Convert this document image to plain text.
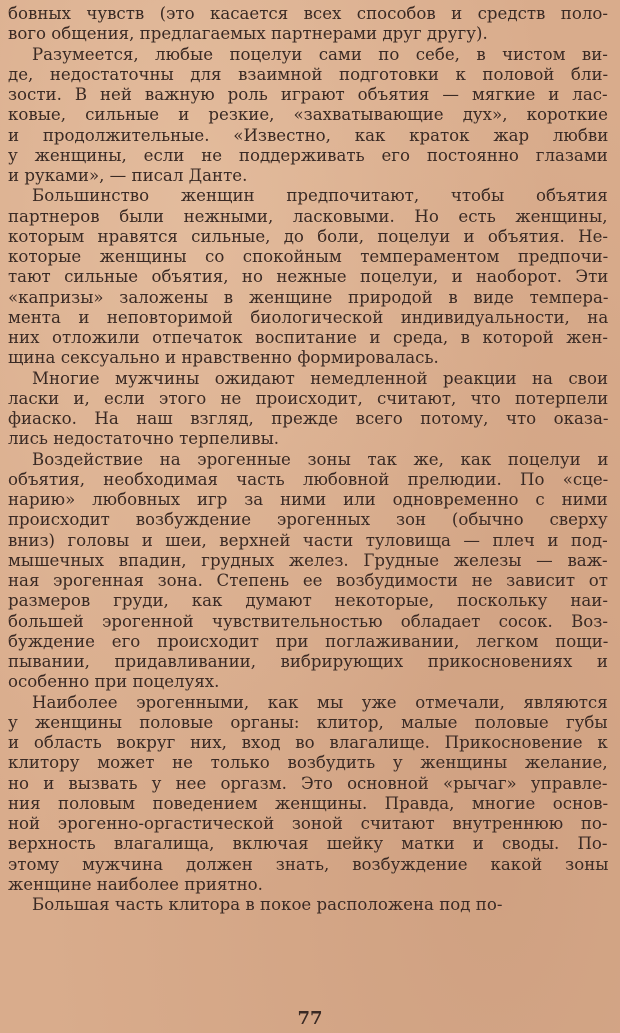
бовных чувств (это касается всех способов и средств поло-
вого общения, предлагаемых партнерами друг другу).
Разумеется, любые поцелуи сами по себе, в чистом ви-
де, недостаточны для взаимной подготовки к половой бли-
зости. В ней важную роль играют объятия — мягкие и лас-
ковые, сильные и резкие, «захватывающие дух», короткие
и продолжительные. «Известно, как краток жар любви
у женщины, если не поддерживать его постоянно глазами
и руками», — писал Данте.
Большинство женщин предпочитают, чтобы объятия
партнеров были нежными, ласковыми. Но есть женщины,
которым нравятся сильные, до боли, поцелуи и объятия. Не-
которые женщины со спокойным темпераментом предпочи-
тают сильные объятия, но нежные поцелуи, и наоборот. Эти
«капризы» заложены в женщине природой в виде темпера-
мента и неповторимой биологической индивидуальности, на
них отложили отпечаток воспитание и среда, в которой жен-
щина сексуально и нравственно формировалась.
Многие мужчины ожидают немедленной реакции на свои
ласки и, если этого не происходит, считают, что потерпели
фиаско. На наш взгляд, прежде всего потому, что оказа-
лись недостаточно терпеливы.
Воздействие на эрогенные зоны так же, как поцелуи и
объятия, необходимая часть любовной прелюдии. По «сце-
нарию» любовных игр за ними или одновременно с ними
происходит возбуждение эрогенных зон (обычно сверху
вниз) головы и шеи, верхней части туловища — плеч и под-
мышечных впадин, грудных желез. Грудные железы — важ-
ная эрогенная зона. Степень ее возбудимости не зависит от
размеров груди, как думают некоторые, поскольку наи-
большей эрогенной чувствительностью обладает сосок. Воз-
буждение его происходит при поглаживании, легком пощи-
пывании, придавливании, вибрирующих прикосновениях и
особенно при поцелуях.
Наиболее эрогенными, как мы уже отмечали, являются
у женщины половые органы: клитор, малые половые губы
и область вокруг них, вход во влагалище. Прикосновение к
клитору может не только возбудить у женщины желание,
но и вызвать у нее оргазм. Это основной «рычаг» управле-
ния половым поведением женщины. Правда, многие основ-
ной эрогенно-оргастической зоной считают внутреннюю по-
верхность влагалища, включая шейку матки и своды. По-
этому мужчина должен знать, возбуждение какой зоны
женщине наиболее приятно.
Большая часть клитора в покое расположена под по-
77
